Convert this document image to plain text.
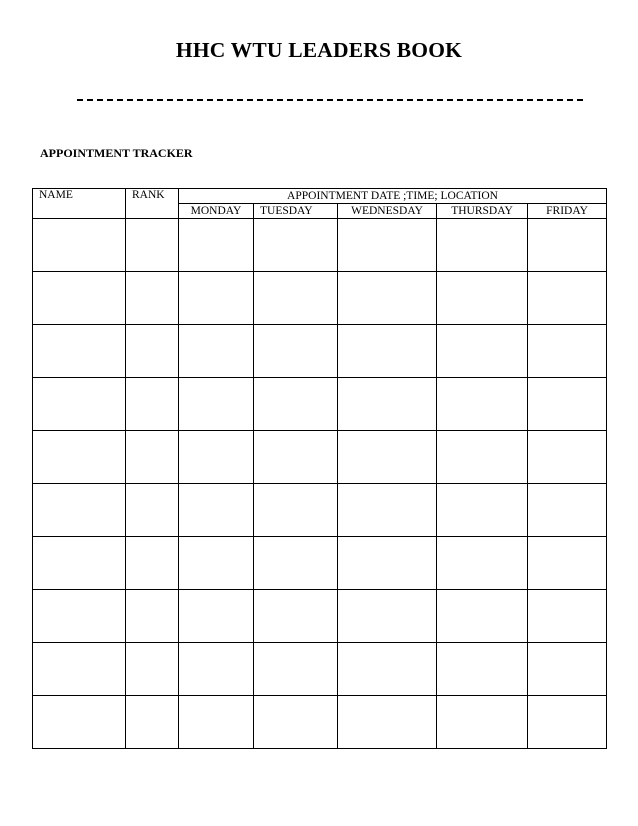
HHC WTU LEADERS BOOK
APPOINTMENT TRACKER
NAME	RANK	APPOINTMENT DATE ;TIME; LOCATION				
		MONDAY	TUESDAY	WEDNESDAY	THURSDAY	FRIDAY
